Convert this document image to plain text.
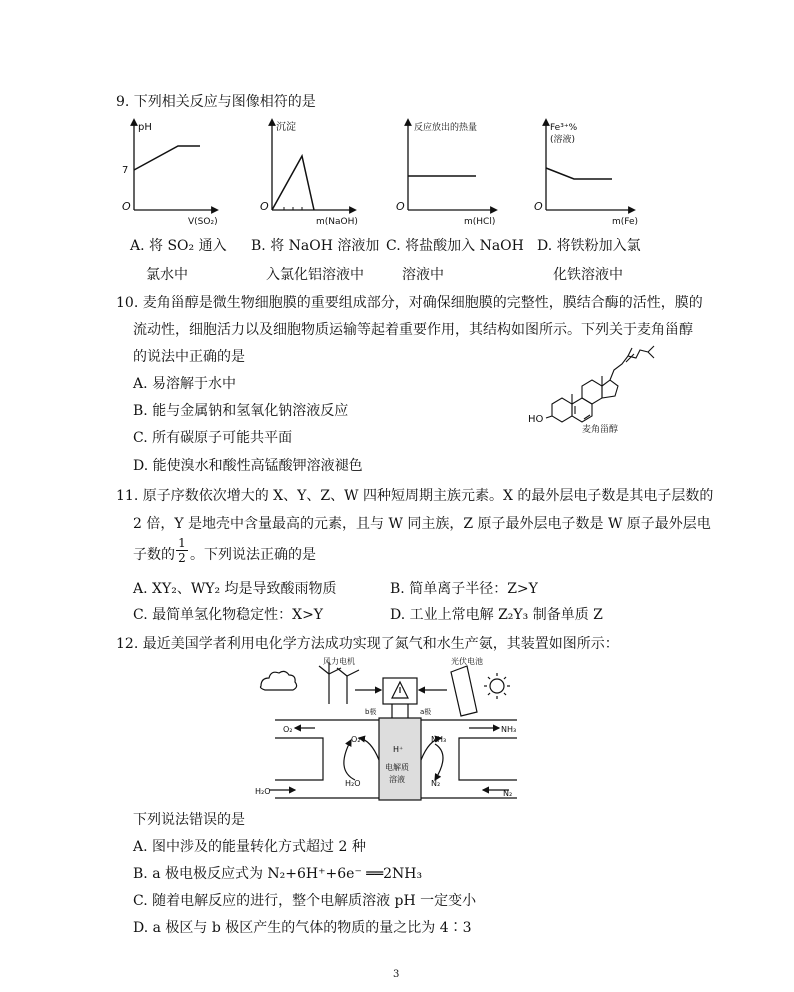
9. 下列相关反应与图像相符的是
pH
7
O
V(SO₂)
沉淀
O
m(NaOH)
反应放出的热量
O
m(HCl)
Fe³⁺%
(溶液)
O
m(Fe)
A. 将 SO₂ 通入
氯水中
B. 将 NaOH 溶液加
入氯化铝溶液中
C. 将盐酸加入 NaOH
溶液中
D. 将铁粉加入氯
化铁溶液中
10. 麦角甾醇是微生物细胞膜的重要组成部分，对确保细胞膜的完整性，膜结合酶的活性，膜的
流动性，细胞活力以及细胞物质运输等起着重要作用，其结构如图所示。下列关于麦角甾醇
的说法中正确的是
A. 易溶解于水中
B. 能与金属钠和氢氧化钠溶液反应
C. 所有碳原子可能共平面
D. 能使溴水和酸性高锰酸钾溶液褪色
HO
麦角甾醇
11. 原子序数依次增大的 X、Y、Z、W 四种短周期主族元素。X 的最外层电子数是其电子层数的
2 倍，Y 是地壳中含量最高的元素，且与 W 同主族，Z 原子最外层电子数是 W 原子最外层电
子数的 $\frac{1}{2}$ 。下列说法正确的是
A. XY₂、WY₂ 均是导致酸雨物质	B. 简单离子半径：Z>Y
C. 最简单氢化物稳定性：X>Y	D. 工业上常电解 Z₂Y₃ 制备单质 Z
12. 最近美国学者利用电化学方法成功实现了氮气和水生产氨，其装置如图所示：
风力电机	光伏电池
b极	a极
O₂
O₂
H⁺
NH₃
NH₃
H₂O
H₂O
电解质
溶液	N₂
N₂
下列说法错误的是
A. 图中涉及的能量转化方式超过 2 种
B. a 极电极反应式为 N₂+6H⁺+6e⁻ ══2NH₃
C. 随着电解反应的进行，整个电解质溶液 pH 一定变小
D. a 极区与 b 极区产生的气体的物质的量之比为 4∶3
3
